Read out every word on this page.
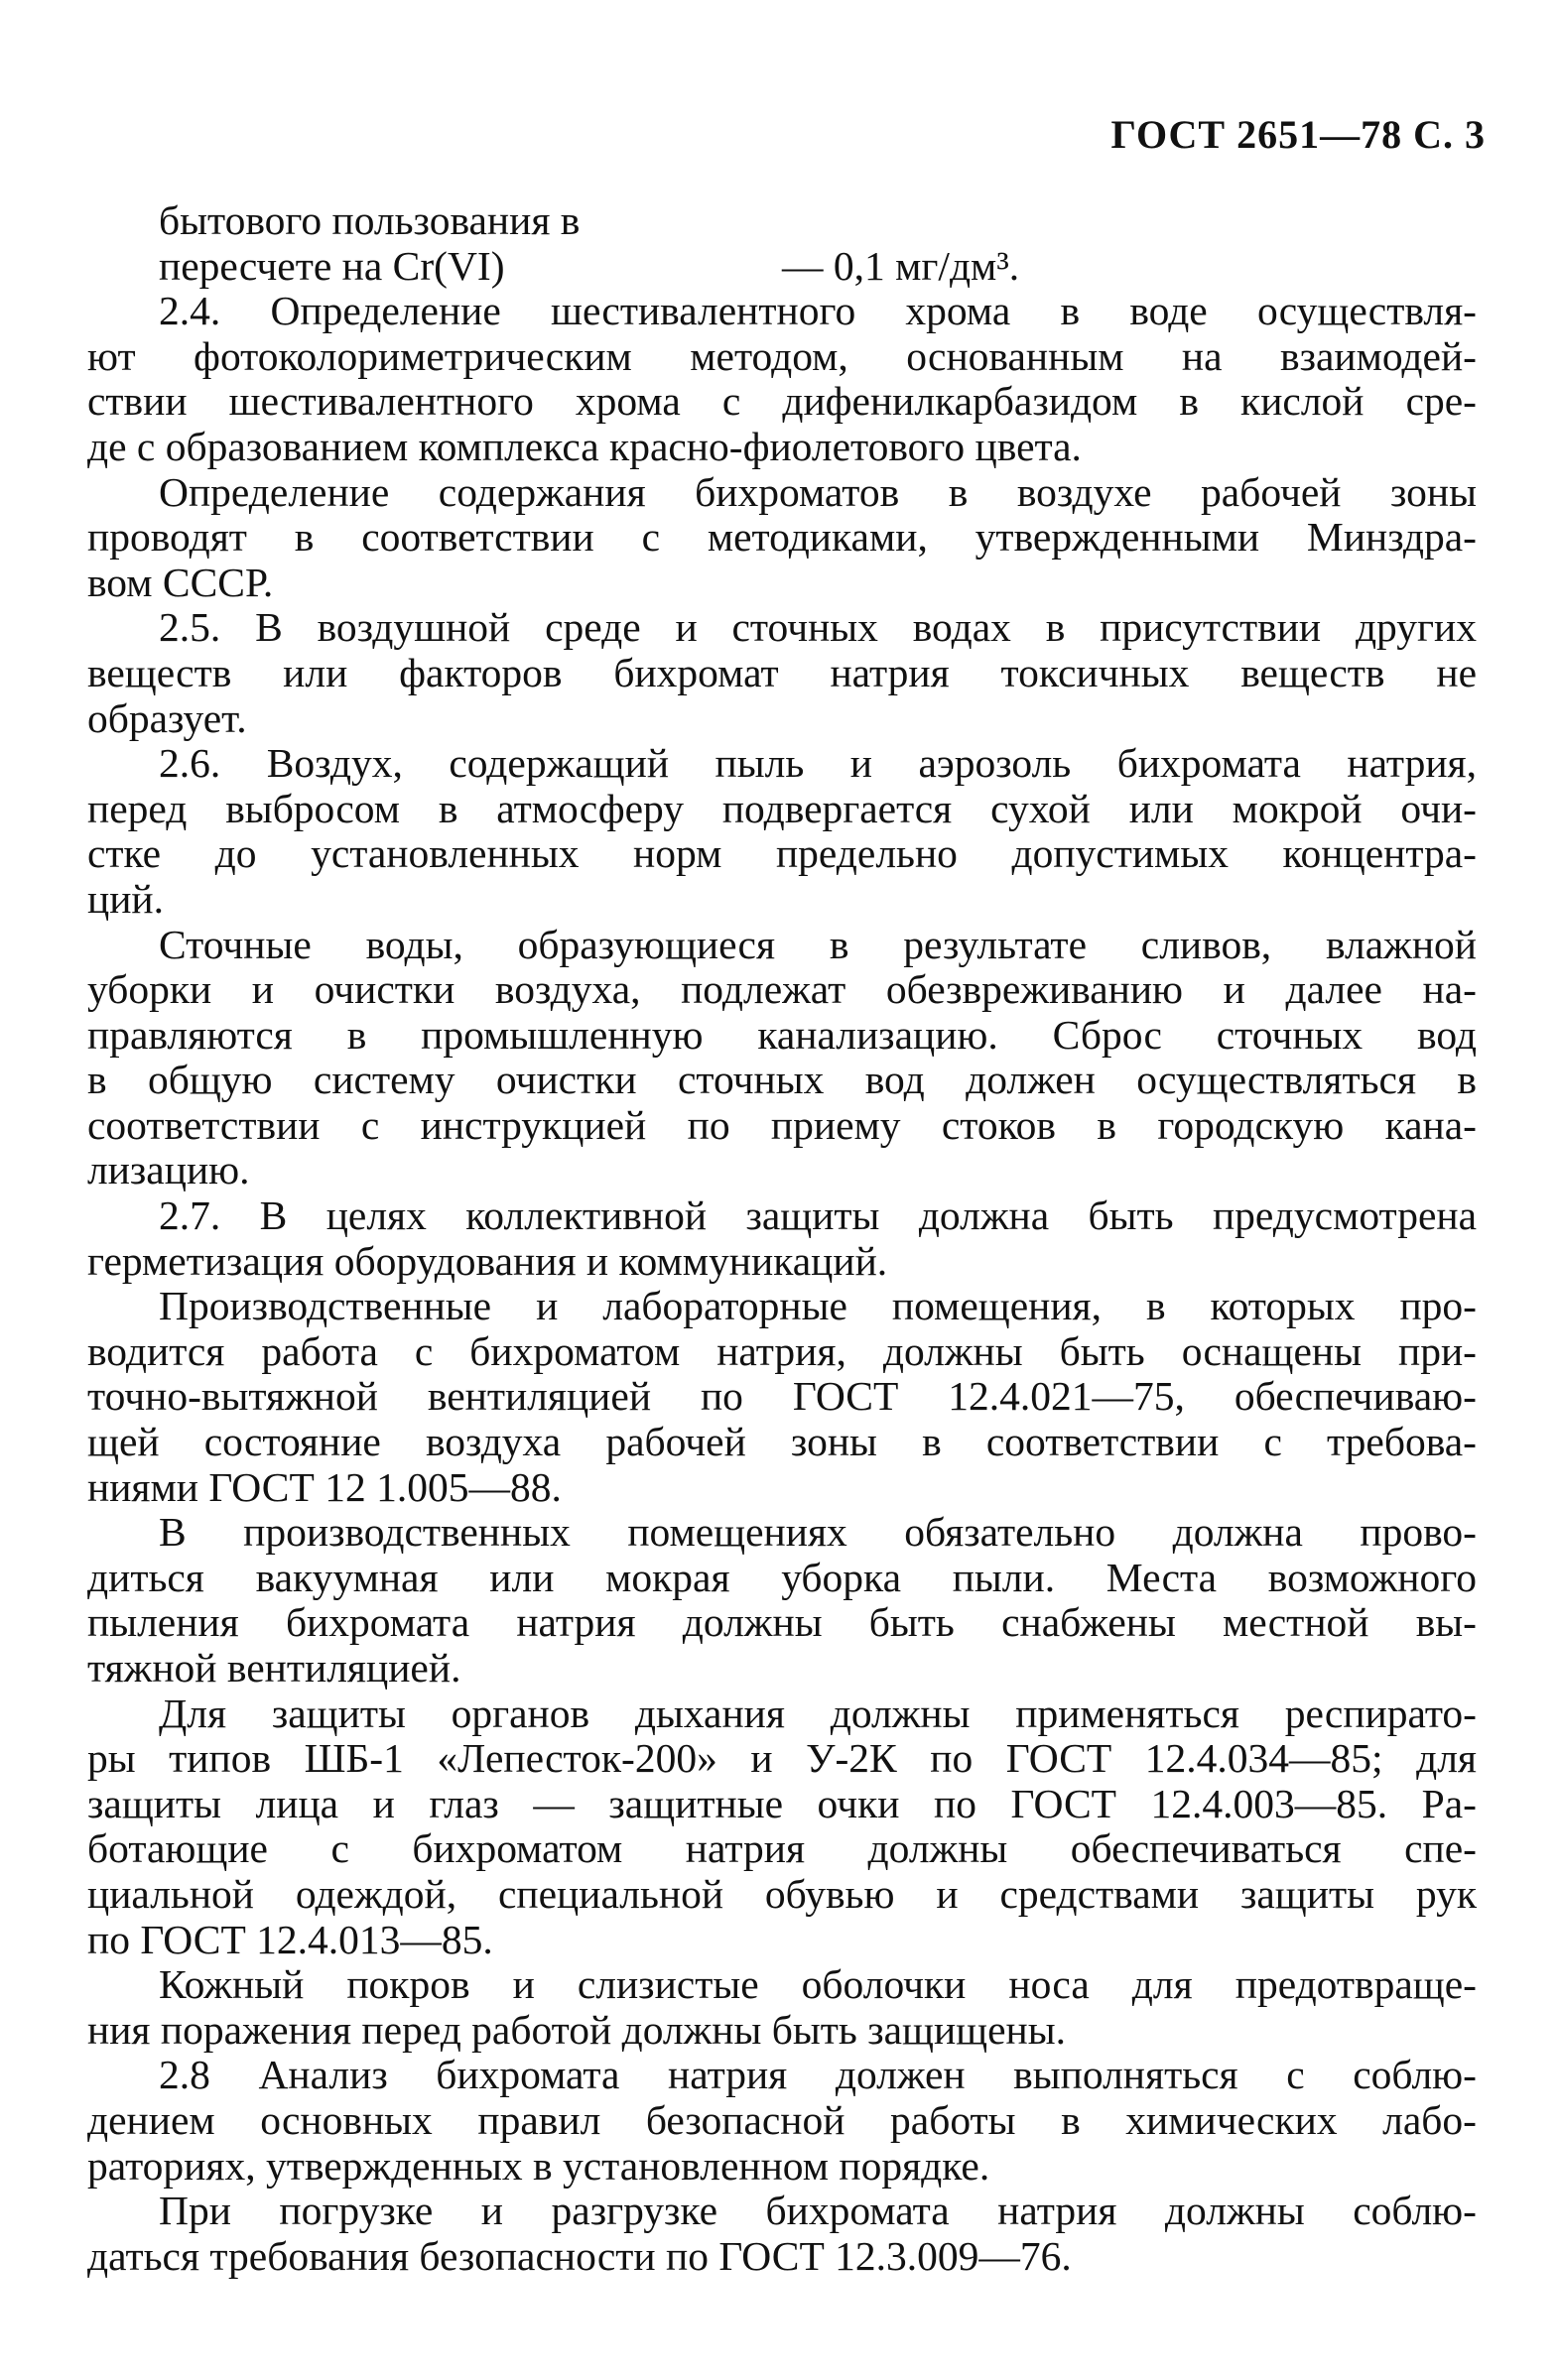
ГОСТ 2651—78 С. 3
бытового пользования в
пересчете на Cr(VI)	— 0,1 мг/дм³.
2.4. Определение шестивалентного хрома в воде осуществля-
ют фотоколориметрическим методом, основанным на взаимодей-
ствии шестивалентного хрома с дифенилкарбазидом в кислой сре-
де с образованием комплекса красно-фиолетового цвета.
Определение содержания бихроматов в воздухе рабочей зоны
проводят в соответствии с методиками, утвержденными Минздра-
вом СССР.
2.5. В воздушной среде и сточных водах в присутствии других
веществ или факторов бихромат натрия токсичных веществ не
образует.
2.6. Воздух, содержащий пыль и аэрозоль бихромата натрия,
перед выбросом в атмосферу подвергается сухой или мокрой очи-
стке до установленных норм предельно допустимых концентра-
ций.
Сточные воды, образующиеся в результате сливов, влажной
уборки и очистки воздуха, подлежат обезвреживанию и далее на-
правляются в промышленную канализацию. Сброс сточных вод
в общую систему очистки сточных вод должен осуществляться в
соответствии с инструкцией по приему стоков в городскую кана-
лизацию.
2.7. В целях коллективной защиты должна быть предусмотрена
герметизация оборудования и коммуникаций.
Производственные и лабораторные помещения, в которых про-
водится работа с бихроматом натрия, должны быть оснащены при-
точно-вытяжной вентиляцией по ГОСТ 12.4.021—75, обеспечиваю-
щей состояние воздуха рабочей зоны в соответствии с требова-
ниями ГОСТ 12 1.005—88.
В производственных помещениях обязательно должна прово-
диться вакуумная или мокрая уборка пыли. Места возможного
пыления бихромата натрия должны быть снабжены местной вы-
тяжной вентиляцией.
Для защиты органов дыхания должны применяться респирато-
ры типов ШБ-1 «Лепесток-200» и У-2К по ГОСТ 12.4.034—85; для
защиты лица и глаз — защитные очки по ГОСТ 12.4.003—85. Ра-
ботающие с бихроматом натрия должны обеспечиваться спе-
циальной одеждой, специальной обувью и средствами защиты рук
по ГОСТ 12.4.013—85.
Кожный покров и слизистые оболочки носа для предотвраще-
ния поражения перед работой должны быть защищены.
2.8 Анализ бихромата натрия должен выполняться с соблю-
дением основных правил безопасной работы в химических лабо-
раториях, утвержденных в установленном порядке.
При погрузке и разгрузке бихромата натрия должны соблю-
даться требования безопасности по ГОСТ 12.3.009—76.
